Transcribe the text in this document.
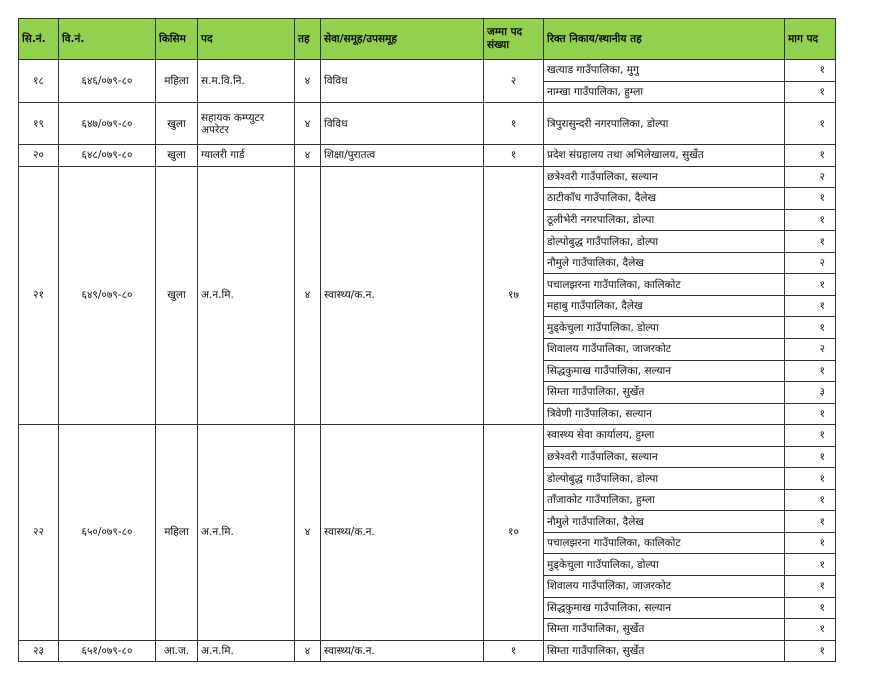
सि.नं.	वि.नं.	किसिम	पद	तह	सेवा/समूह/उपसमूह	जम्मा पद संख्या	रिक्त निकाय/स्थानीय तह	माग पद
१८	६४६/०७९-८०	महिला	स.म.वि.नि.	४	विविध	२	खत्याड गाउँपालिका, मुगु	१
							नाम्खा गाउँपालिका, हुम्ला	१
१९	६४७/०७९-८०	खुला	सहायक कम्प्युटर अपरेटर	४	विविध	१	त्रिपुरासुन्दरी नगरपालिका, डोल्पा	१
२०	६४८/०७९-८०	खुला	ग्यालरी गार्ड	४	शिक्षा/पुरातत्व	१	प्रदेश संग्रहालय तथा अभिलेखालय, सुर्खेत	१
२१	६४९/०७९-८०	खुला	अ.न.मि.	४	स्वास्थ्य/क.न.	१७	छत्रेश्वरी गाउँपालिका, सल्यान	२
							ठाटीकाँध गाउँपालिका, दैलेख	१
							ठूलीभेरी नगरपालिका, डोल्पा	१
							डोल्पोबुद्ध गाउँपालिका, डोल्पा	१
							नौमुले गाउँपालिका, दैलेख	२
							पचालझरना गाउँपालिका, कालिकोट	१
							महाबु गाउँपालिका, दैलेख	१
							मुड्केचुला गाउँपालिका, डोल्पा	१
							शिवालय गाउँपालिका, जाजरकोट	२
							सिद्धकुमाख गाउँपालिका, सल्यान	१
							सिम्ता गाउँपालिका, सुर्खेत	३
							त्रिवेणी गाउँपालिका, सल्यान	१
२२	६५०/०७९-८०	महिला	अ.न.मि.	४	स्वास्थ्य/क.न.	१०	स्वास्थ्य सेवा कार्यालय, हुम्ला	१
							छत्रेश्वरी गाउँपालिका, सल्यान	१
							डोल्पोबुद्ध गाउँपालिका, डोल्पा	१
							ताँजाकोट गाउँपालिका, हुम्ला	१
							नौमुले गाउँपालिका, दैलेख	१
							पचालझरना गाउँपालिका, कालिकोट	१
							मुड्केचुला गाउँपालिका, डोल्पा	१
							शिवालय गाउँपालिका, जाजरकोट	१
							सिद्धकुमाख गाउँपालिका, सल्यान	१
							सिम्ता गाउँपालिका, सुर्खेत	१
२३	६५१/०७९-८०	आ.ज.	अ.न.मि.	४	स्वास्थ्य/क.न.	१	सिम्ता गाउँपालिका, सुर्खेत	१
